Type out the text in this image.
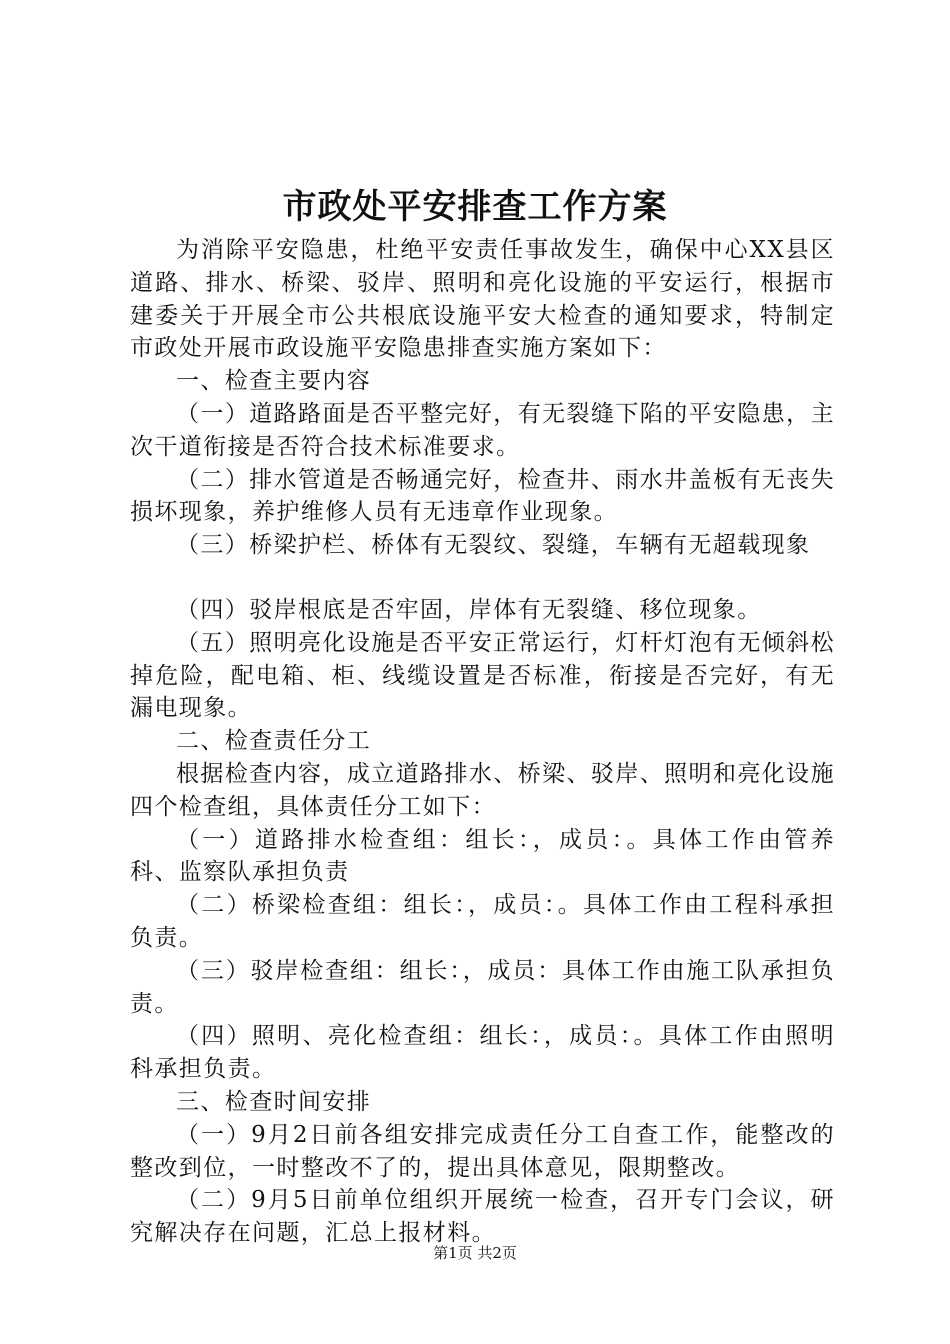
市政处平安排查工作方案

为消除平安隐患，杜绝平安责任事故发生，确保中心XX县区道路、排水、桥梁、驳岸、照明和亮化设施的平安运行，根据市建委关于开展全市公共根底设施平安大检查的通知要求，特制定市政处开展市政设施平安隐患排查实施方案如下：

一、检查主要内容

（一）道路路面是否平整完好，有无裂缝下陷的平安隐患，主次干道衔接是否符合技术标准要求。

（二）排水管道是否畅通完好，检查井、雨水井盖板有无丧失损坏现象，养护维修人员有无违章作业现象。

（三）桥梁护栏、桥体有无裂纹、裂缝，车辆有无超载现象

（四）驳岸根底是否牢固，岸体有无裂缝、移位现象。

（五）照明亮化设施是否平安正常运行，灯杆灯泡有无倾斜松掉危险，配电箱、柜、线缆设置是否标准，衔接是否完好，有无漏电现象。

二、检查责任分工

根据检查内容，成立道路排水、桥梁、驳岸、照明和亮化设施四个检查组，具体责任分工如下：

（一）道路排水检查组：组长：，成员：。具体工作由管养科、监察队承担负责

（二）桥梁检查组：组长：，成员：。具体工作由工程科承担负责。

（三）驳岸检查组：组长：，成员：具体工作由施工队承担负责。

（四）照明、亮化检查组：组长：，成员：。具体工作由照明科承担负责。

三、检查时间安排

（一）9月2日前各组安排完成责任分工自查工作，能整改的整改到位，一时整改不了的，提出具体意见，限期整改。

（二）9月5日前单位组织开展统一检查，召开专门会议，研究解决存在问题，汇总上报材料。

第1页 共2页
